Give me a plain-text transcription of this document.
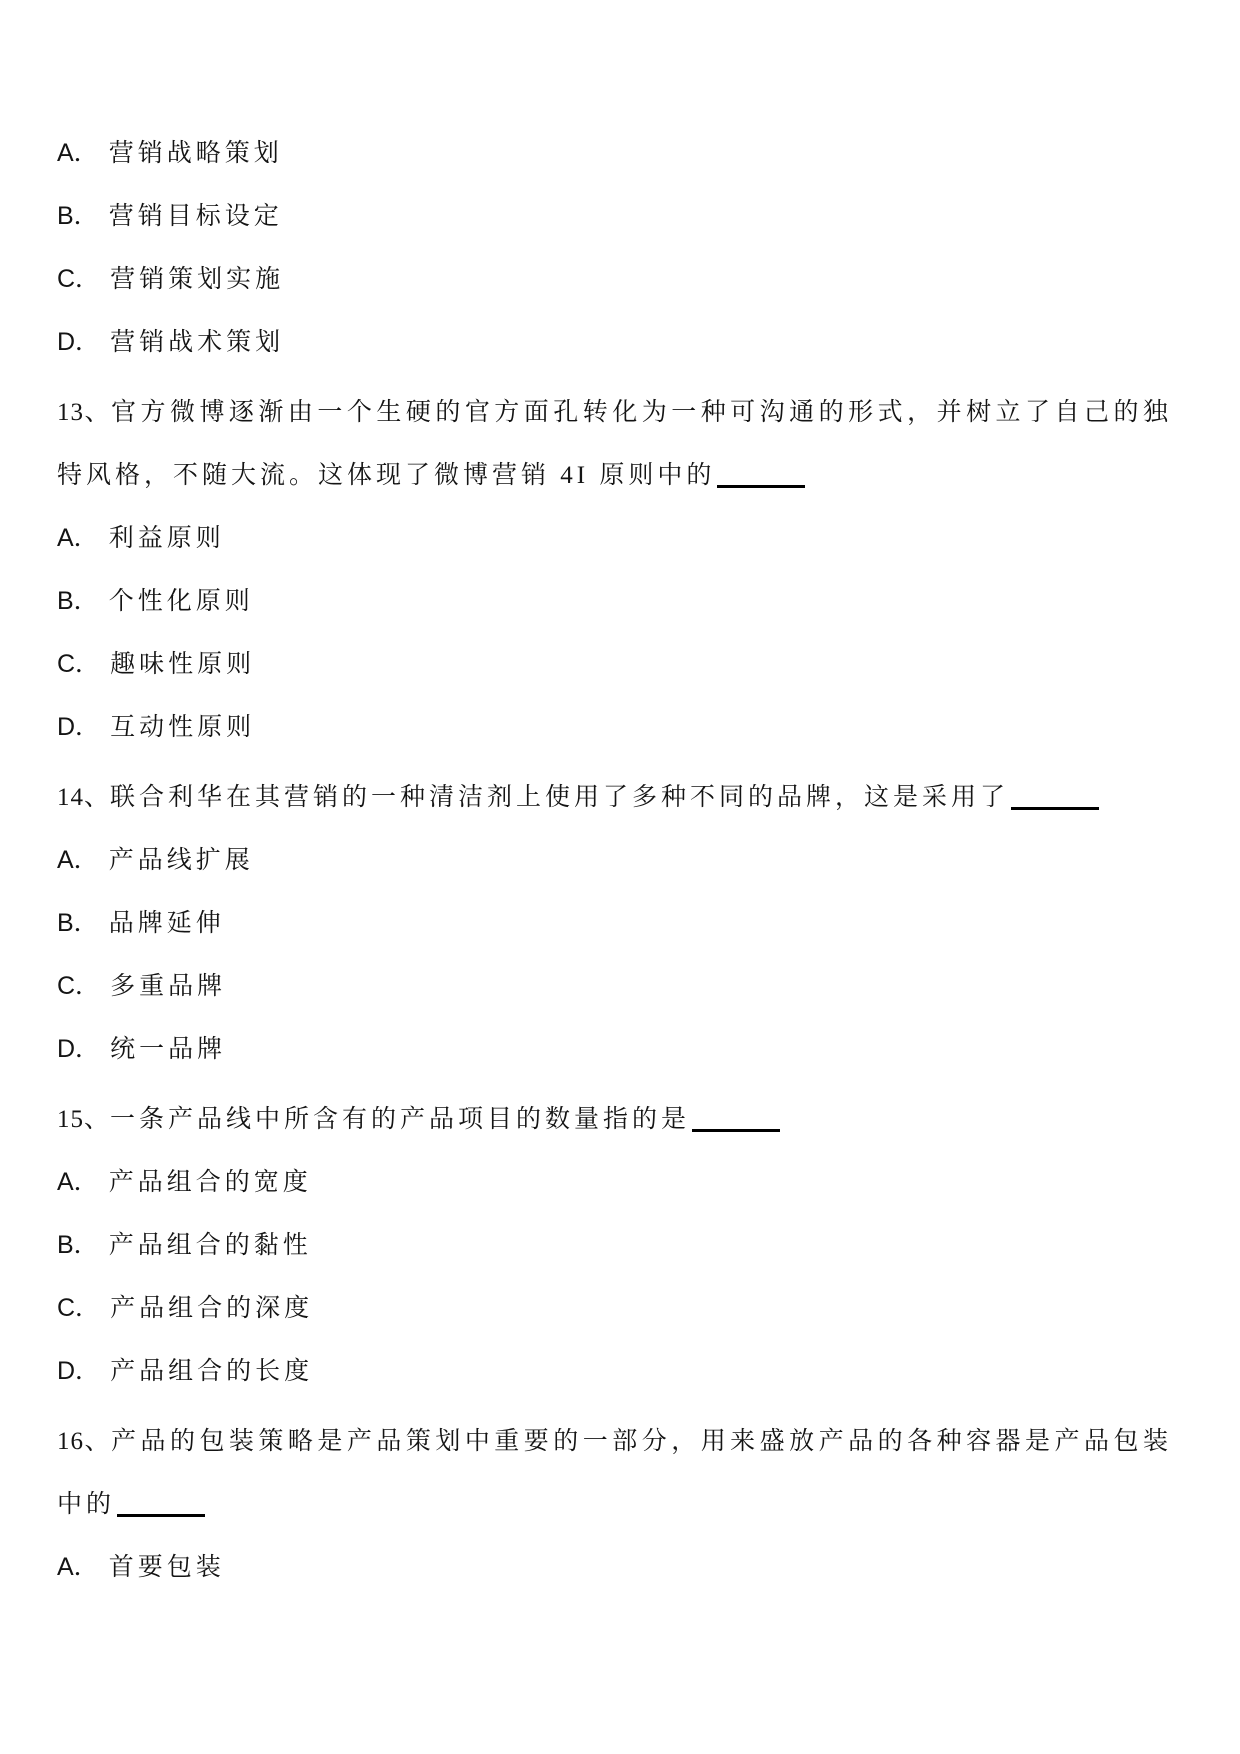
A． 营销战略策划

B． 营销目标设定

C． 营销策划实施

D． 营销战术策划

13、官方微博逐渐由一个生硬的官方面孔转化为一种可沟通的形式，并树立了自己的独特风格，不随大流。这体现了微博营销 4I 原则中的

A． 利益原则

B． 个性化原则

C． 趣味性原则

D． 互动性原则

14、联合利华在其营销的一种清洁剂上使用了多种不同的品牌，这是采用了

A． 产品线扩展

B． 品牌延伸

C． 多重品牌

D． 统一品牌

15、一条产品线中所含有的产品项目的数量指的是

A． 产品组合的宽度

B． 产品组合的黏性

C． 产品组合的深度

D． 产品组合的长度

16、产品的包装策略是产品策划中重要的一部分，用来盛放产品的各种容器是产品包装中的

A． 首要包装
